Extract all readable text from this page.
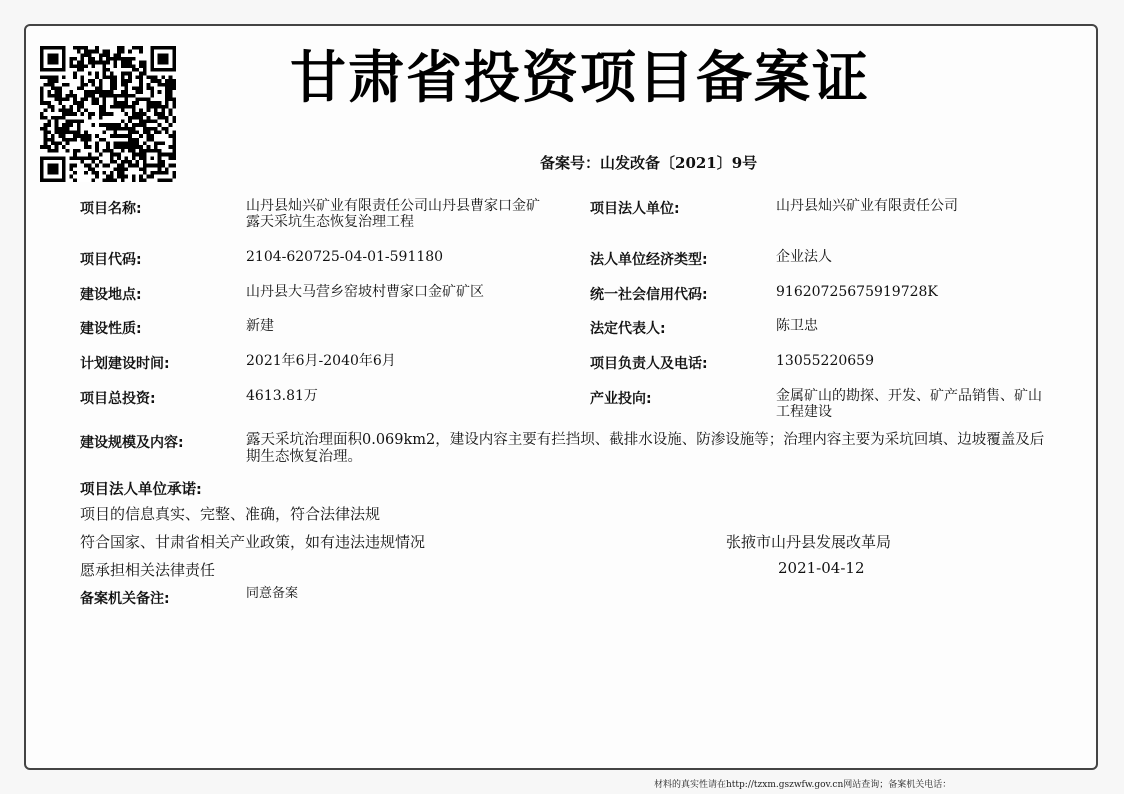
甘肃省投资项目备案证
备案号：山发改备〔2021〕9号
项目名称:	山丹县灿兴矿业有限责任公司山丹县曹家口金矿露天采坑生态恢复治理工程
项目法人单位:	山丹县灿兴矿业有限责任公司
项目代码:	2104-620725-04-01-591180	法人单位经济类型:	企业法人
建设地点:	山丹县大马营乡窑坡村曹家口金矿矿区	统一社会信用代码:	91620725675919728K
建设性质:	新建	法定代表人:	陈卫忠
计划建设时间:	2021年6月-2040年6月	项目负责人及电话:	13055220659
项目总投资:	4613.81万	产业投向:	金属矿山的勘探、开发、矿产品销售、矿山工程建设
建设规模及内容:	露天采坑治理面积0.069km2，建设内容主要有拦挡坝、截排水设施、防渗设施等；治理内容主要为采坑回填、边坡覆盖及后期生态恢复治理。
项目法人单位承诺:
项目的信息真实、完整、准确，符合法律法规
符合国家、甘肃省相关产业政策，如有违法违规情况
愿承担相关法律责任
张掖市山丹县发展改革局
2021-04-12
备案机关备注:	同意备案
材料的真实性请在http://tzxm.gszwfw.gov.cn网站查询；备案机关电话：
